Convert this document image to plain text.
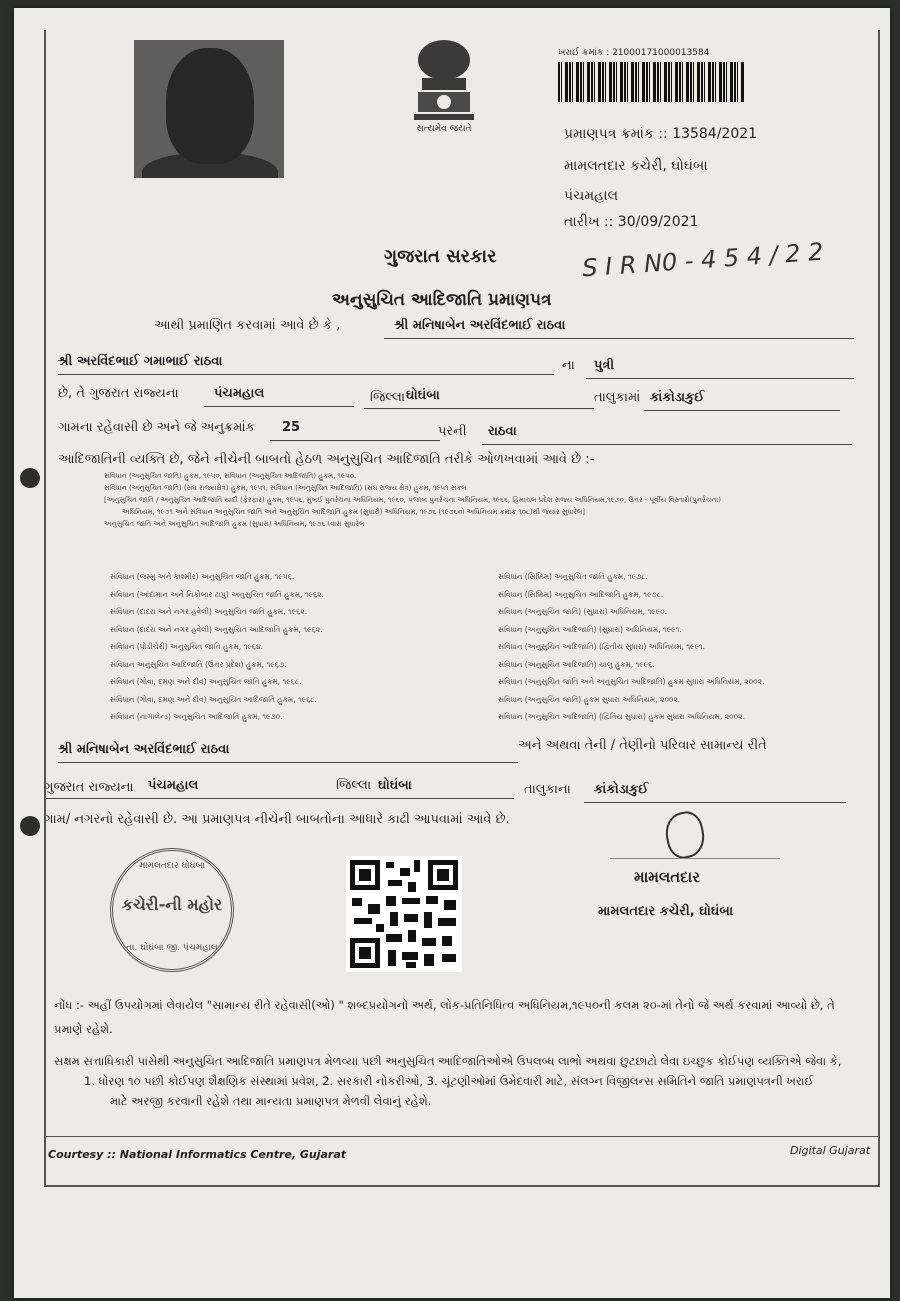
સત્યમેવ જયતે
ખરાઈ ક્રમાંક : 21000171000013584
પ્રમાણપત્ર ક્રમાંક :: 13584/2021
મામલતદાર કચેરી, ઘોઘંબા
પંચમહાલ
તારીખ :: 30/09/2021
S I R N0 - 4 5 4 / 2 2
ગુજરાત સરકાર
અનુસુચિત આદિજાતિ પ્રમાણપત્ર
આથી પ્રમાણિત કરવામાં આવે છે કે ,	શ્રી મનિષાબેન અરવિંદભાઈ રાઠવા
શ્રી અરવિંદભાઈ ગમાભાઈ રાઠવા	ના પુત્રી
છે, તે ગુજરાત રાજ્યના	પંચમહાલ	જિલ્લા ઘોઘંબા	તાલુકામાં કાંકોડાકુઈ
ગામના રહેવાસી છે અને જે અનુક્રમાંક 25	પરની રાઠવા
આદિજાતિની વ્યક્તિ છે, જેને નીચેની બાબતો હેઠળ અનુસુચિત આદિજાતિ તરીકે ઓળખવામાં આવે છે :-
સંવિધાન (અનુસુચિત જાતિ) હુકમ, ૧૯૫૦, સંવિધાન (અનુસુચિત આદિજાતિ) હુકમ, ૧૯૫૦.
સંવિધાન (અનુસુચિત જાતિ) (સંઘ રાજ્યક્ષેત્ર) હુકમ, ૧૯૫૧, સંવિધાન (અનુસુચિત આદિજાતિ) (સંઘ રાજ્ય ક્ષેત્ર) હુકમ, ૧૯૫૧ સંકલ
[અનુસુચિત જાતિ / અનુસુચિત આદિજાતિ યાદી (ફેરફાર) હુકમ, ૧૯૫૬, મુંબઈ પુનર્રચના અધિનિયમ, ૧૯૬૦, પંજાબ પુનર્રચના અધિનિયમ, ૧૯૬૬, હિમાચલ પ્રદેશ રાજ્ય અધિનિયમ,૧૯૭૦, ઉત્તર - પૂર્વીય વિસ્તારો(પુનર્રચના)
અધિનિયમ, ૧૯૭૧ અને સંવિધાન અનુસુચિત જાતિ અને અનુસુચિત આદિજાતિ હુકમ (સુધારો) અધિનિયમ, ૧૯૭૬ (૧૯૭૬નો અધિનિયમ ક્રમાંક ૧૦૮)થી જ્યાર સુધારેલ]
અનુસુચિત જાતિ અને અનુસુચિત આદિજાતિ હુકમ (સુધારા) અધિનિયમ, ૧૯૭૬ ધ્વારા સુધારેલ
સંવિધાન (જમ્મુ અને કાશ્મીર) અનુસુચિત જાતિ હુકમ, ૧૯૫૬.
સંવિધાન (આંદામાન અને નિકોબાર ટાપુ) અનુસુચિત જાતિ હુકમ, ૧૯૬૨.
સંવિધાન (દાદરા અને નગર હવેલી) અનુસુચિત જાતિ હુકમ, ૧૯૬૨.
સંવિધાન (દાદરા અને નગર હવેલી) અનુસુચિત આદિજાતિ હુકમ, ૧૯૬૨.
સંવિધાન (પોંડીચેરી) અનુસુચિત જાતિ હુકમ, ૧૯૬૪.
સંવિધાન અનુસુચિત આદિજાતિ (ઉત્તર પ્રદેશ) હુકમ, ૧૯૬૭.
સંવિધાન (ગોવા, દમણ અને દીવ) અનુસુચિત જાતિ હુકમ, ૧૯૬૮.
સંવિધાન (ગોવા, દમણ અને દીવ) અનુસુચિત આદિજાતિ હુકમ, ૧૯૬૮.
સંવિધાન (નાગાલેન્ડ) અનુસુચિત આદિજાતિ હુકમ, ૧૯૭૦.
સંવિધાન (સિક્કિમ) અનુસુચિત જાતિ હુકમ, ૧૯૭૮.
સંવિધાન (સિક્કિમ) અનુસુચિત આદિજાતિ હુકમ, ૧૯૭૮.
સંવિધાન (અનુસુચિત જાતિ) (સુધારા) અધિનિયમ, ૧૯૯૦.
સંવિધાન (અનુસુચિત આદિજાતિ) (સુધારા) અધિનિયમ, ૧૯૯૧.
સંવિધાન (અનુસુચિત આદિજાતિ) (દ્વિતીય સુધારા) અધિનિયમ, ૧૯૯૧.
સંવિધાન (અનુસુચિત આદિજાતિ) ચાલુ હુકમ, ૧૯૯૬.
સંવિધાન (અનુસુચિત જાતિ અને અનુસુચિત આદિજાતિ) હુકમ સુધારા અધિનિયમ, ૨૦૦૨.
સંવિધાન (અનુસુચિત જાતિ) હુકમ સુધારા અધિનિયમ, ૨૦૦૨.
સંવિધાન (અનુસુચિત આદિજાતિ) (દ્વિતિય સુધારા) હુકમ સુધારા અધિનિયમ, ૨૦૦૨.
શ્રી મનિષાબેન અરવિંદભાઈ રાઠવા	અને અથવા તેની / તેણીનો પરિવાર સામાન્ય રીતે
ગુજરાત રાજ્યના પંચમહાલ	જિલ્લા ઘોઘંબા	તાલુકાના કાંકોડાકુઈ
ગામ/ નગરનો રહેવાસી છે. આ પ્રમાણપત્ર નીચેની બાબતોના આધારે કાઢી આપવામાં આવે છે.
મામલતદાર
મામલતદાર કચેરી, ઘોઘંબા
મામલતદાર ઘોઘંબા
કચેરી-ની મહોર
તા. ઘોઘંબા જી. પંચમહાલ
નોંધ :- અહીં ઉપયોગમાં લેવાયેલ "સામાન્ય રીતે રહેવાસી(ઓ) " શબ્દપ્રયોગનો અર્થ, લોક-પ્રતિનિધિત્વ અધિનિયમ,૧૯૫૦ની કલમ ૨૦-માં તેનો જે અર્થ કરવામાં આવ્યો છે, તે
પ્રમાણે રહેશે.
સક્ષમ સત્તાધિકારી પાસેથી અનુસુચિત આદિજાતિ પ્રમાણપત્ર મેળવ્યા પછી અનુસુચિત આદિજાતિઓએ ઉપલબ્ધ લાભો અથવા છુટછાટો લેવા ઇચ્છુક કોઈપણ વ્યક્તિએ જેવા કે,
1. ધોરણ ૧૦ પછી કોઈપણ શૈક્ષણિક સંસ્થામાં પ્રવેશ, 2. સરકારી નોકરીઓ, 3. ચૂંટણીઓમાં ઉમેદવારી માટે, સંલગ્ન વિજીલન્સ સમિતિને જાતિ પ્રમાણપત્રની ખરાઈ
માટે અરજી કરવાની રહેશે તથા માન્યતા પ્રમાણપત્ર મેળવી લેવાનું રહેશે.
Courtesy :: National Informatics Centre, Gujarat	Digital Gujarat
